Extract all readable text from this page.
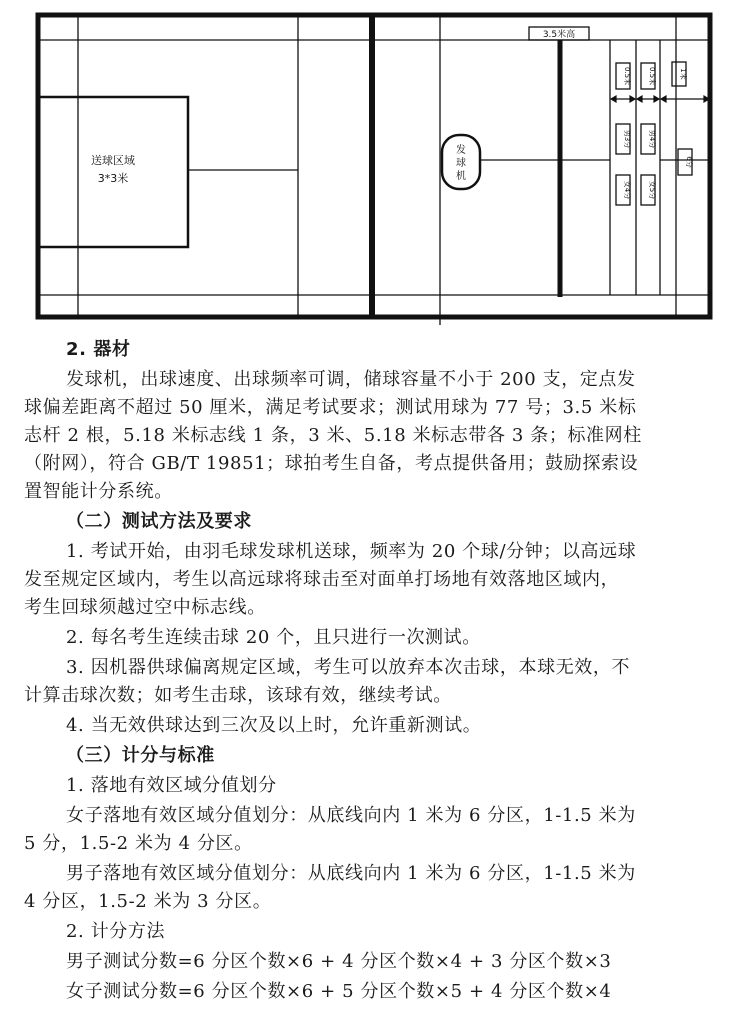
送球区域
3*3米
3.5米高
发
球
机
0.5米 0.5米	1米
男3分 男4分
女4分 女5分
6分
2. 器材
发球机，出球速度、出球频率可调，储球容量不小于 200 支，定点发
球偏差距离不超过 50 厘米，满足考试要求；测试用球为 77 号；3.5 米标
志杆 2 根，5.18 米标志线 1 条，3 米、5.18 米标志带各 3 条；标准网柱
（附网），符合 GB/T 19851；球拍考生自备，考点提供备用；鼓励探索设
置智能计分系统。
（二）测试方法及要求
1. 考试开始，由羽毛球发球机送球，频率为 20 个球/分钟；以高远球
发至规定区域内，考生以高远球将球击至对面单打场地有效落地区域内，
考生回球须越过空中标志线。
2. 每名考生连续击球 20 个，且只进行一次测试。
3. 因机器供球偏离规定区域，考生可以放弃本次击球，本球无效，不
计算击球次数；如考生击球，该球有效，继续考试。
4. 当无效供球达到三次及以上时，允许重新测试。
（三）计分与标准
1. 落地有效区域分值划分
女子落地有效区域分值划分：从底线向内 1 米为 6 分区，1-1.5 米为
5 分，1.5-2 米为 4 分区。
男子落地有效区域分值划分：从底线向内 1 米为 6 分区，1-1.5 米为
4 分区，1.5-2 米为 3 分区。
2. 计分方法
男子测试分数=6 分区个数×6 + 4 分区个数×4 + 3 分区个数×3
女子测试分数=6 分区个数×6 + 5 分区个数×5 + 4 分区个数×4
